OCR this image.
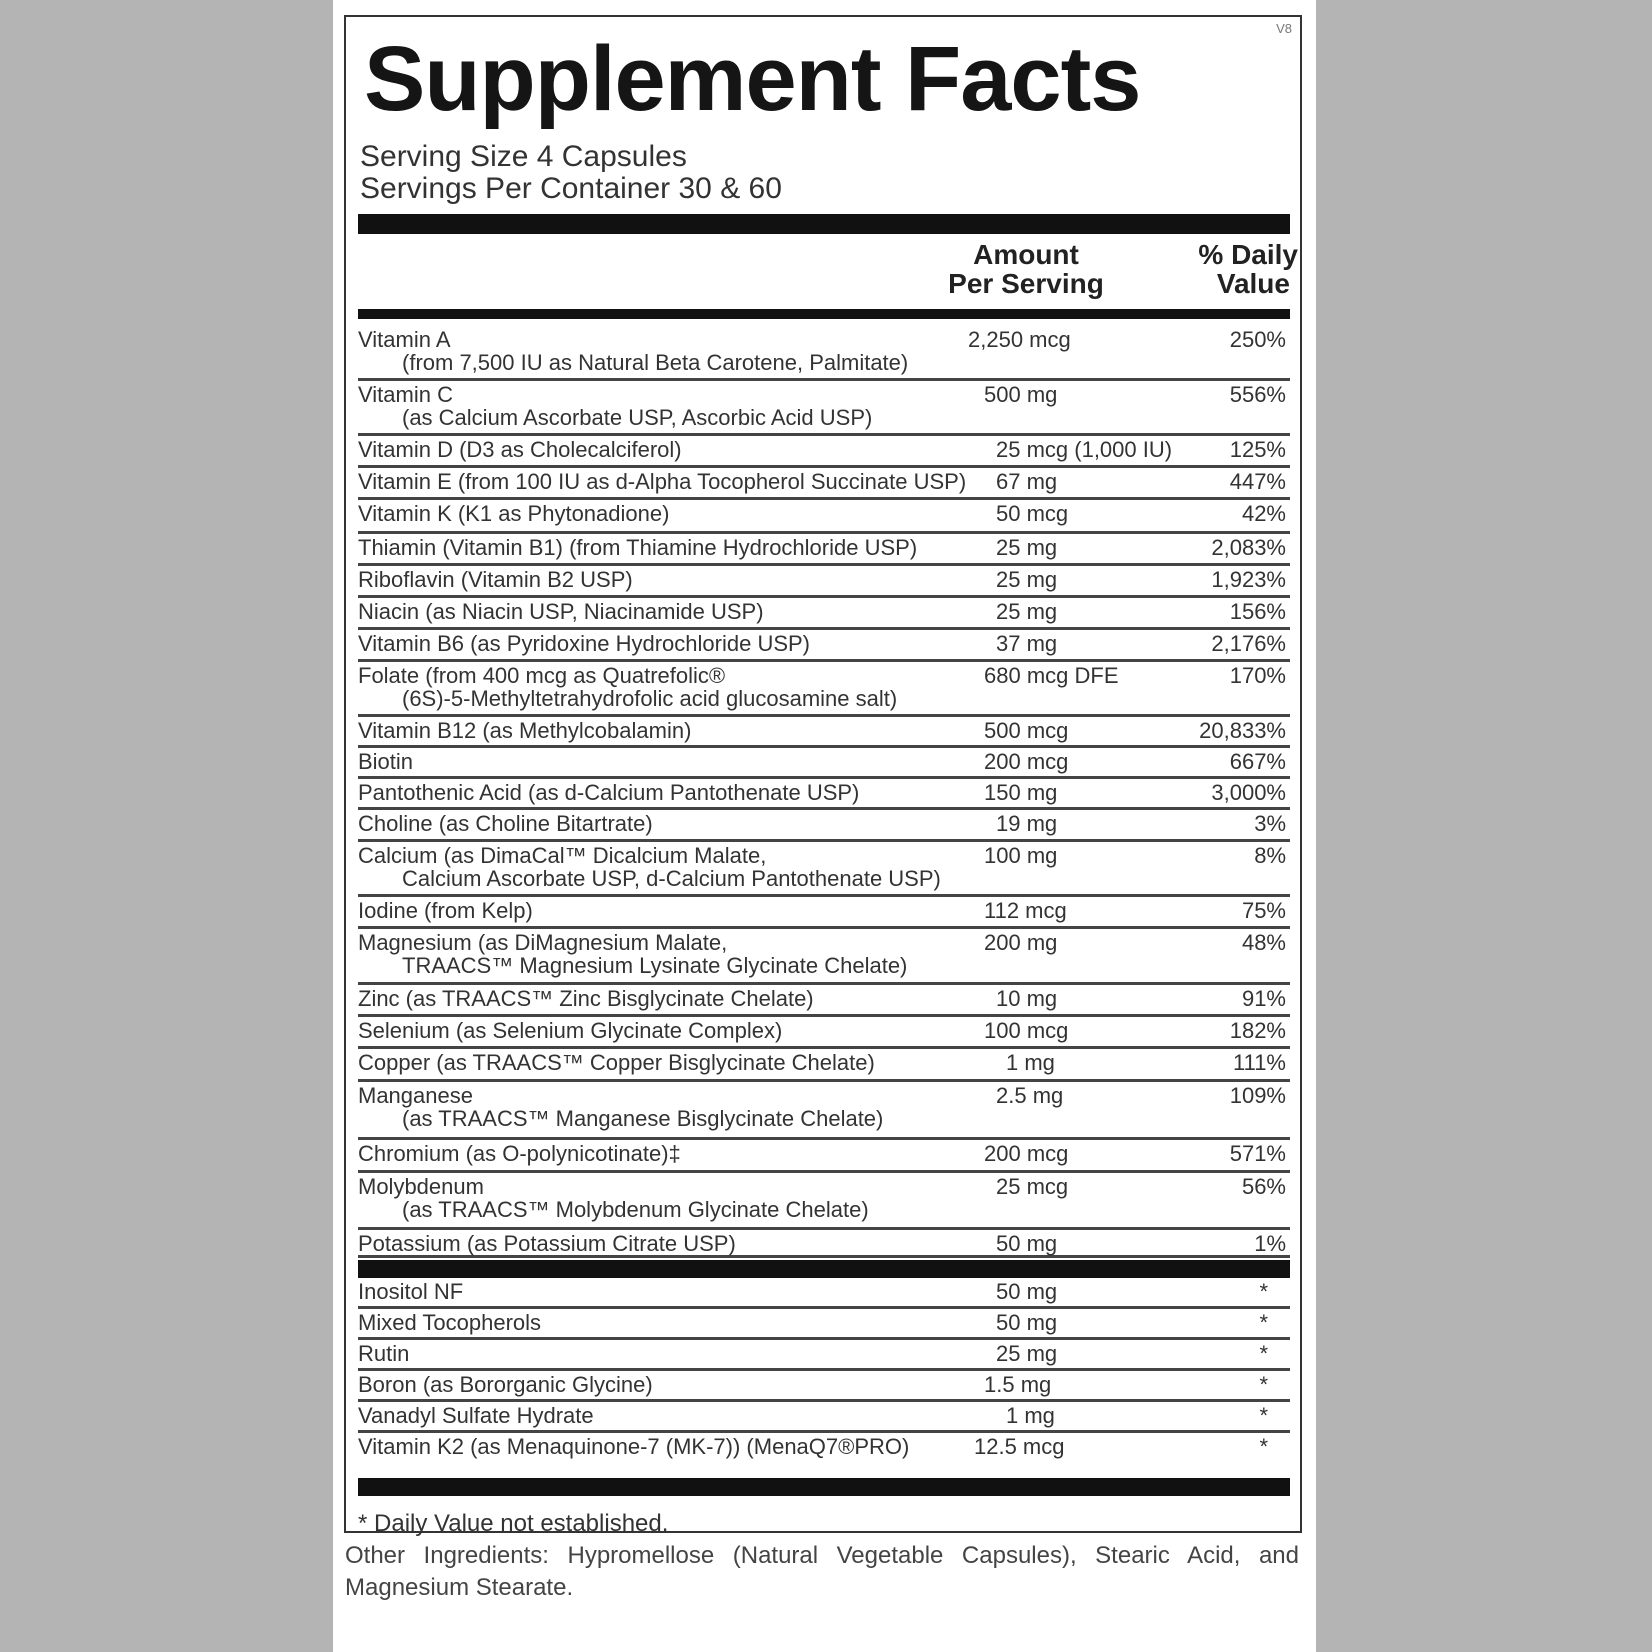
V8
Supplement Facts
Serving Size 4 Capsules
Servings Per Container 30 & 60
Amount
Per Serving
% Daily
Value
Vitamin A
(from 7,500 IU as Natural Beta Carotene, Palmitate)
2,250 mcg	250%
Vitamin C
(as Calcium Ascorbate USP, Ascorbic Acid USP)
500 mg	556%
Vitamin D (D3 as Cholecalciferol)	25 mcg (1,000 IU)	125%
Vitamin E (from 100 IU as d-Alpha Tocopherol Succinate USP) 67 mg	447%
Vitamin K (K1 as Phytonadione)	50 mcg	42%
Thiamin (Vitamin B1) (from Thiamine Hydrochloride USP)	25 mg	2,083%
Riboflavin (Vitamin B2 USP)	25 mg	1,923%
Niacin (as Niacin USP, Niacinamide USP)	25 mg	156%
Vitamin B6 (as Pyridoxine Hydrochloride USP)	37 mg	2,176%
Folate (from 400 mcg as Quatrefolic®
(6S)-5-Methyltetrahydrofolic acid glucosamine salt)
680 mcg DFE	170%
Vitamin B12 (as Methylcobalamin)	500 mcg	20,833%
Biotin	200 mcg	667%
Pantothenic Acid (as d-Calcium Pantothenate USP)	150 mg	3,000%
Choline (as Choline Bitartrate)	19 mg	3%
Calcium (as DimaCal™ Dicalcium Malate,
Calcium Ascorbate USP, d-Calcium Pantothenate USP)
100 mg	8%
Iodine (from Kelp)	112 mcg	75%
Magnesium (as DiMagnesium Malate,
TRAACS™ Magnesium Lysinate Glycinate Chelate)
200 mg	48%
Zinc (as TRAACS™ Zinc Bisglycinate Chelate)	10 mg	91%
Selenium (as Selenium Glycinate Complex)	100 mcg	182%
Copper (as TRAACS™ Copper Bisglycinate Chelate)	1 mg	111%
Manganese
(as TRAACS™ Manganese Bisglycinate Chelate)
2.5 mg	109%
Chromium (as O-polynicotinate)‡	200 mcg	571%
Molybdenum
(as TRAACS™ Molybdenum Glycinate Chelate)
25 mcg	56%
Potassium (as Potassium Citrate USP)	50 mg	1%
Inositol NF	50 mg	*
Mixed Tocopherols	50 mg	*
Rutin	25 mg	*
Boron (as Bororganic Glycine)	1.5 mg	*
Vanadyl Sulfate Hydrate	1 mg	*
Vitamin K2 (as Menaquinone-7 (MK-7)) (MenaQ7®PRO)	12.5 mcg	*
* Daily Value not established.
Other Ingredients: Hypromellose (Natural Vegetable Capsules), Stearic Acid, and Magnesium Stearate.
